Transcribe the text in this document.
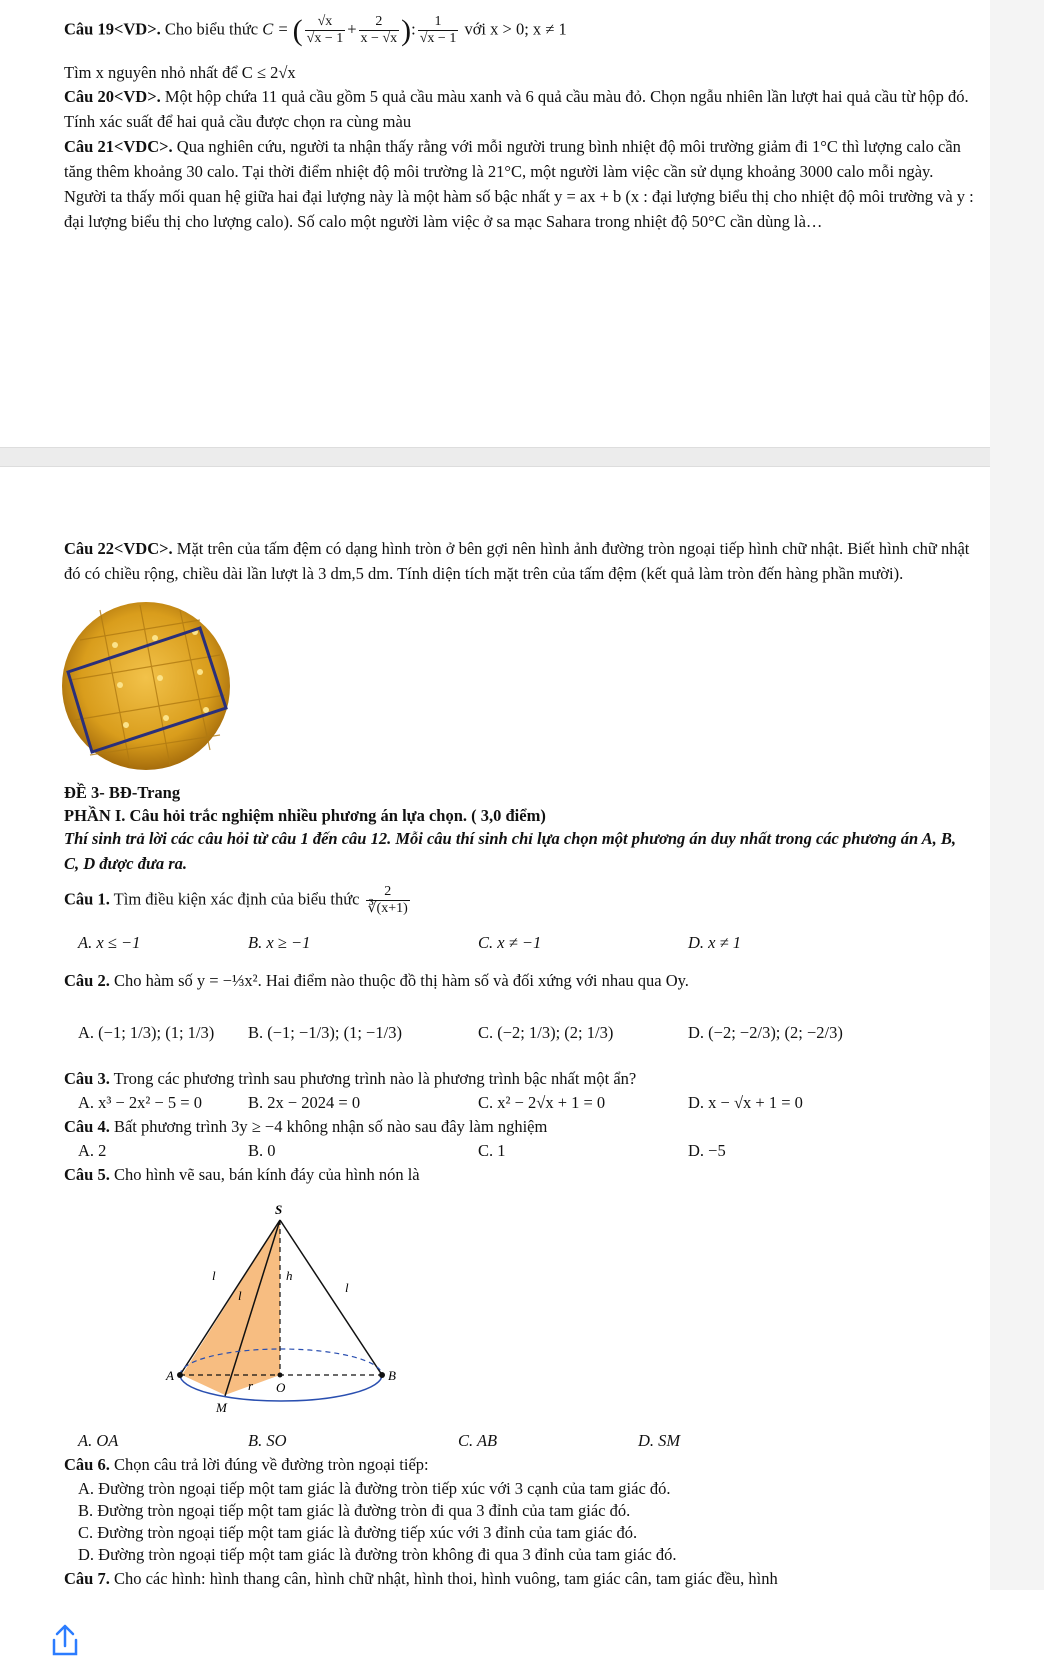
Câu 19<VD>. Cho biểu thức C = ( $\frac{√x}{√x - 1} + \frac{2}{x - √x}$ ): $\frac{1}{√x - 1}$ với x > 0; x ≠ 1
Tìm x nguyên nhỏ nhất để C ≤ 2√x
Câu 20<VD>. Một hộp chứa 11 quả cầu gồm 5 quả cầu màu xanh và 6 quả cầu màu đỏ. Chọn ngẫu nhiên lần lượt hai quả cầu từ hộp đó. Tính xác suất để hai quả cầu được chọn ra cùng màu
Câu 21<VDC>. Qua nghiên cứu, người ta nhận thấy rằng với mỗi người trung bình nhiệt độ môi trường giảm đi 1°C thì lượng calo cần tăng thêm khoảng 30 calo. Tại thời điểm nhiệt độ môi trường là 21°C, một người làm việc cần sử dụng khoảng 3000 calo mỗi ngày. Người ta thấy mối quan hệ giữa hai đại lượng này là một hàm số bậc nhất y = ax + b (x : đại lượng biểu thị cho nhiệt độ môi trường và y : đại lượng biểu thị cho lượng calo). Số calo một người làm việc ở sa mạc Sahara trong nhiệt độ 50°C cần dùng là…
Câu 22<VDC>. Mặt trên của tấm đệm có dạng hình tròn ở bên gợi nên hình ảnh đường tròn ngoại tiếp hình chữ nhật. Biết hình chữ nhật đó có chiều rộng, chiều dài lần lượt là 3 dm,5 dm. Tính diện tích mặt trên của tấm đệm (kết quả làm tròn đến hàng phần mười).
ĐỀ 3- BĐ-Trang
PHẦN I. Câu hỏi trắc nghiệm nhiều phương án lựa chọn. ( 3,0 điểm)
Thí sinh trả lời các câu hỏi từ câu 1 đến câu 12. Mỗi câu thí sinh chỉ lựa chọn một phương án duy nhất trong các phương án A, B, C, D được đưa ra.
Câu 1. Tìm điều kiện xác định của biểu thức $\frac{2}{∛(x+1)}$
A. x ≤ −1	B. x ≥ −1	C. x ≠ −1	D. x ≠ 1
Câu 2. Cho hàm số y = −⅓x². Hai điểm nào thuộc đồ thị hàm số và đối xứng với nhau qua Oy.
A. (−1; 1/3); (1; 1/3)	B. (−1; −1/3); (1; −1/3)	C. (−2; 1/3); (2; 1/3)	D. (−2; −2/3); (2; −2/3)
Câu 3. Trong các phương trình sau phương trình nào là phương trình bậc nhất một ẩn?
A. x³ − 2x² − 5 = 0	B. 2x − 2024 = 0	C. x² − 2√x + 1 = 0	D. x − √x + 1 = 0
Câu 4. Bất phương trình 3y ≥ −4 không nhận số nào sau đây làm nghiệm
A. 2	B. 0	C. 1	D. −5
Câu 5. Cho hình vẽ sau, bán kính đáy của hình nón là
S
l
l
l
h
A	B
O
r
M
A. OA	B. SO	C. AB	D. SM
Câu 6. Chọn câu trả lời đúng về đường tròn ngoại tiếp:
A. Đường tròn ngoại tiếp một tam giác là đường tròn tiếp xúc với 3 cạnh của tam giác đó.
B. Đường tròn ngoại tiếp một tam giác là đường tròn đi qua 3 đỉnh của tam giác đó.
C. Đường tròn ngoại tiếp một tam giác là đường tiếp xúc với 3 đỉnh của tam giác đó.
D. Đường tròn ngoại tiếp một tam giác là đường tròn không đi qua 3 đỉnh của tam giác đó.
Câu 7. Cho các hình: hình thang cân, hình chữ nhật, hình thoi, hình vuông, tam giác cân, tam giác đều, hình
